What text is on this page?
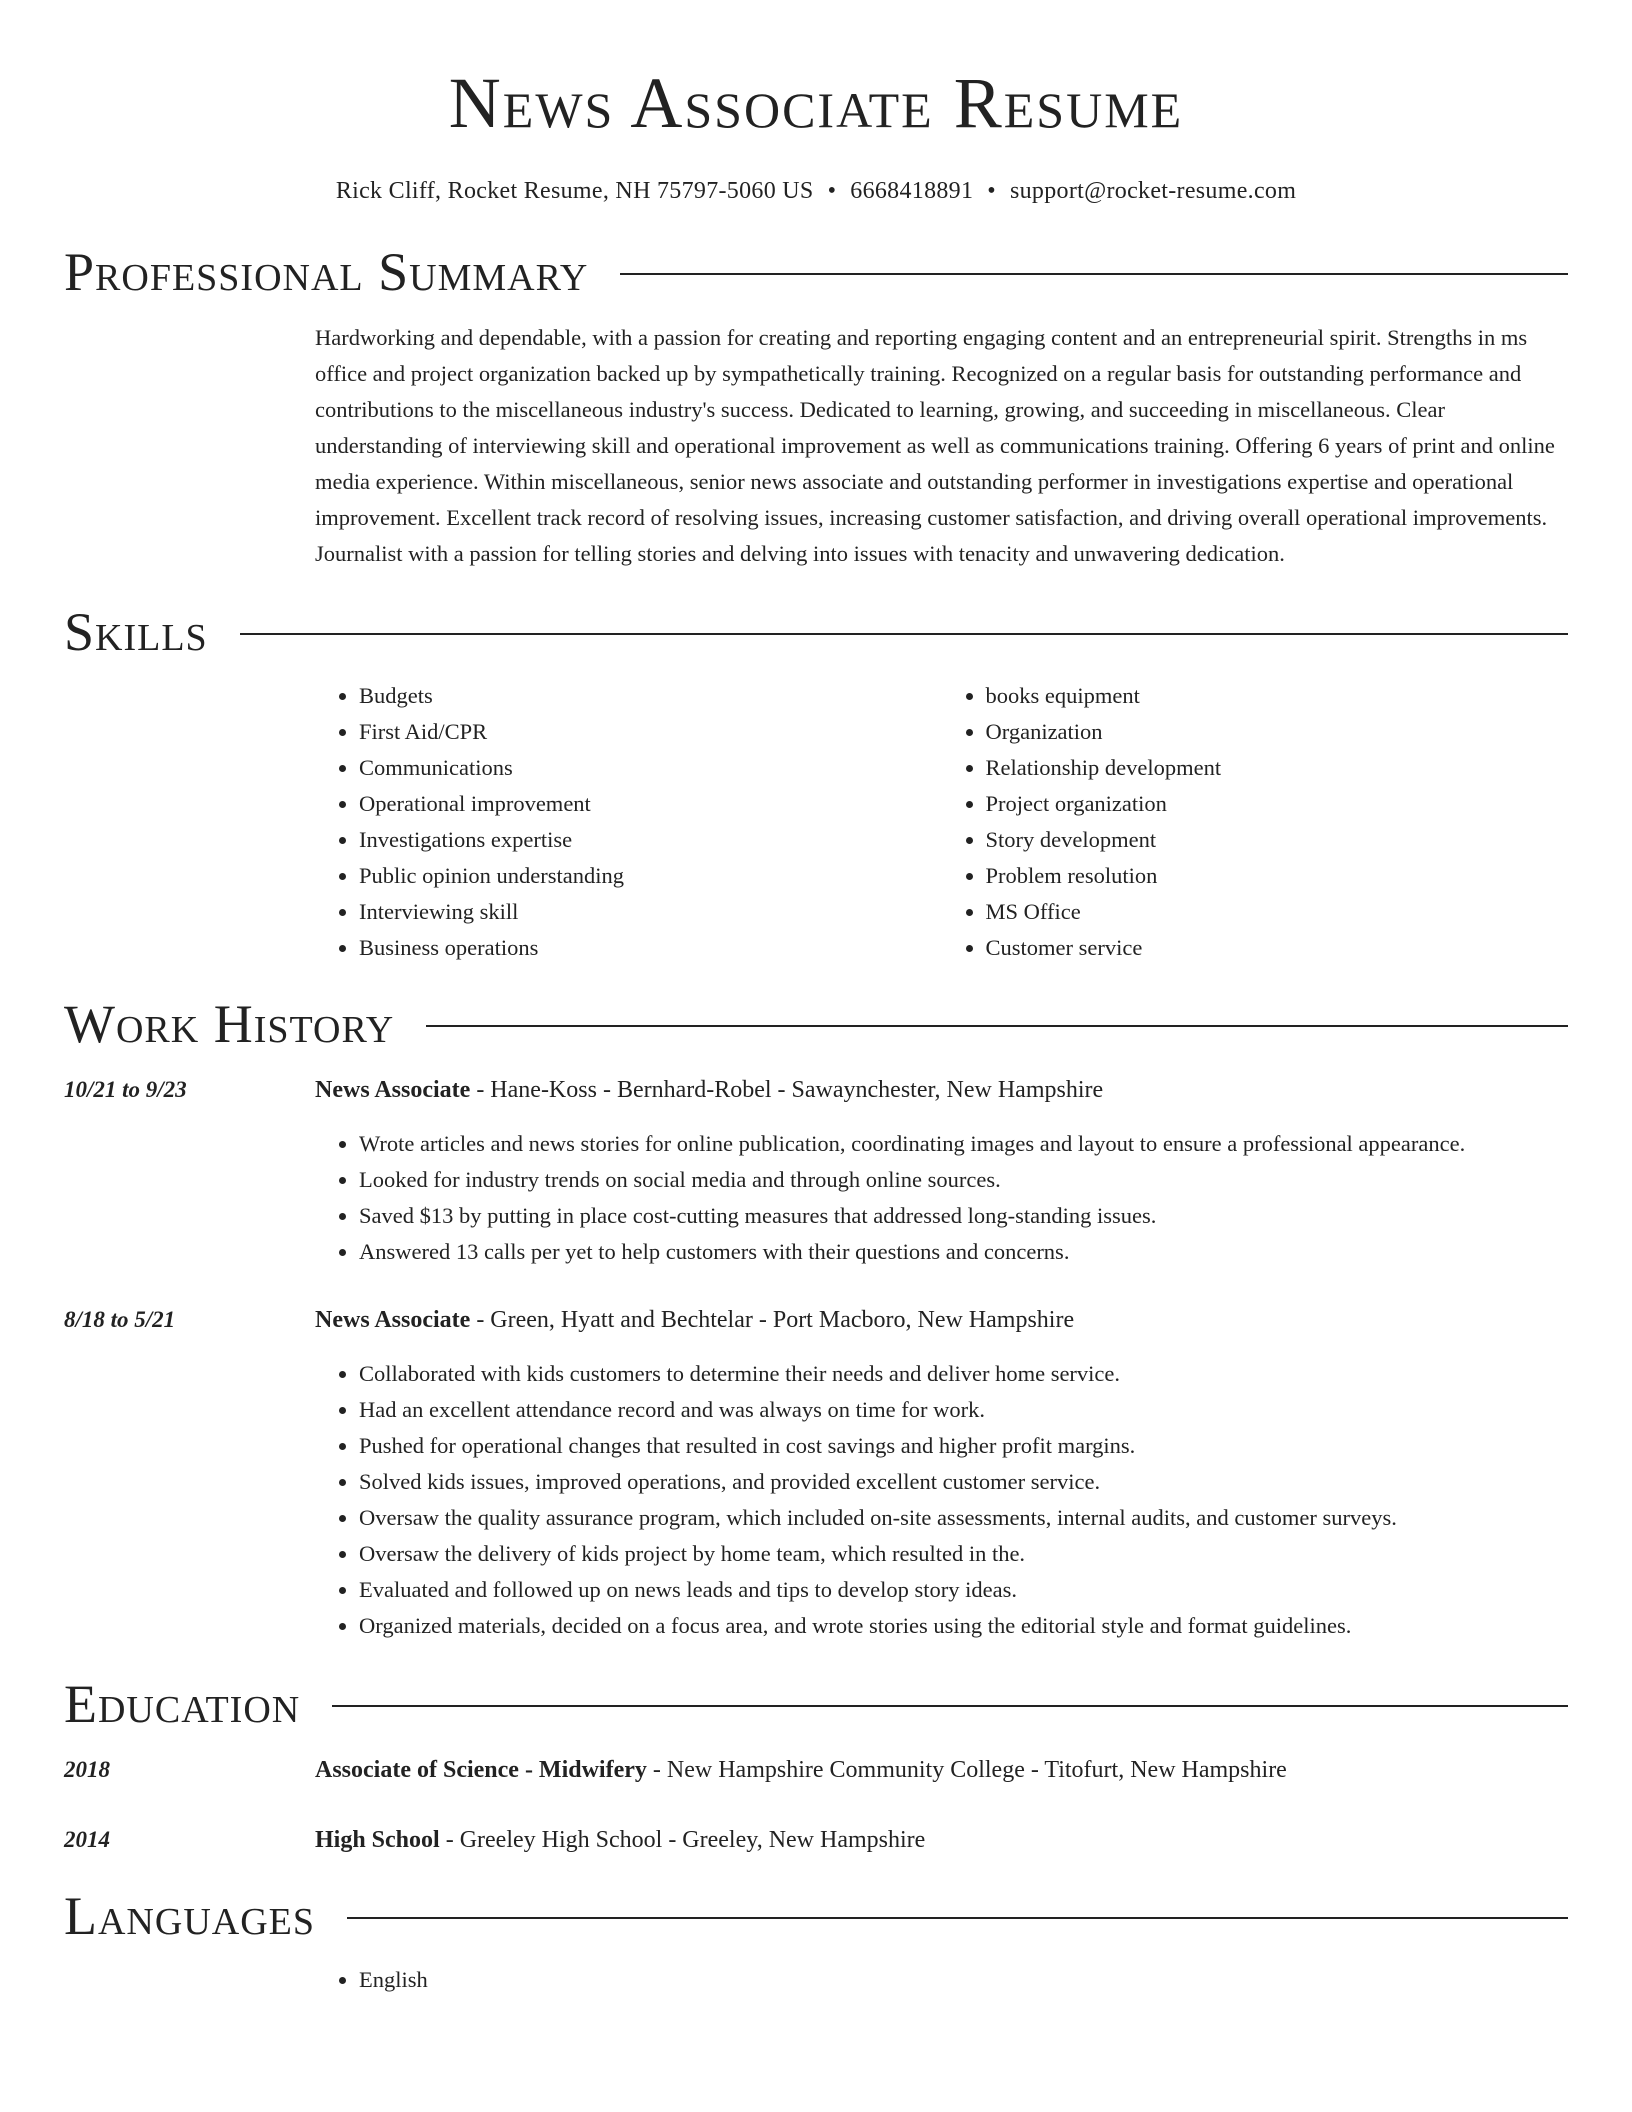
News Associate Resume
Rick Cliff, Rocket Resume, NH 75797-5060 US • 6668418891 • support@rocket-resume.com
Professional Summary

Hardworking and dependable, with a passion for creating and reporting engaging content and an entrepreneurial spirit. Strengths in ms office and project organization backed up by sympathetically training. Recognized on a regular basis for outstanding performance and contributions to the miscellaneous industry's success. Dedicated to learning, growing, and succeeding in miscellaneous. Clear understanding of interviewing skill and operational improvement as well as communications training. Offering 6 years of print and online media experience. Within miscellaneous, senior news associate and outstanding performer in investigations expertise and operational improvement. Excellent track record of resolving issues, increasing customer satisfaction, and driving overall operational improvements. Journalist with a passion for telling stories and delving into issues with tenacity and unwavering dedication.

Skills
• Budgets
• First Aid/CPR
• Communications
• Operational improvement
• Investigations expertise
• Public opinion understanding
• Interviewing skill
• Business operations
• books equipment
• Organization
• Relationship development
• Project organization
• Story development
• Problem resolution
• MS Office
• Customer service
Work History
10/21 to 9/23	News Associate - Hane-Koss - Bernhard-Robel - Sawaynchester, New Hampshire
• Wrote articles and news stories for online publication, coordinating images and layout to ensure a professional appearance.
• Looked for industry trends on social media and through online sources.
• Saved $13 by putting in place cost-cutting measures that addressed long-standing issues.
• Answered 13 calls per yet to help customers with their questions and concerns.
8/18 to 5/21	News Associate - Green, Hyatt and Bechtelar - Port Macboro, New Hampshire
• Collaborated with kids customers to determine their needs and deliver home service.
• Had an excellent attendance record and was always on time for work.
• Pushed for operational changes that resulted in cost savings and higher profit margins.
• Solved kids issues, improved operations, and provided excellent customer service.
• Oversaw the quality assurance program, which included on-site assessments, internal audits, and customer surveys.
• Oversaw the delivery of kids project by home team, which resulted in the.
• Evaluated and followed up on news leads and tips to develop story ideas.
• Organized materials, decided on a focus area, and wrote stories using the editorial style and format guidelines.
Education
2018	Associate of Science - Midwifery - New Hampshire Community College - Titofurt, New Hampshire
2014	High School - Greeley High School - Greeley, New Hampshire
Languages
• English
